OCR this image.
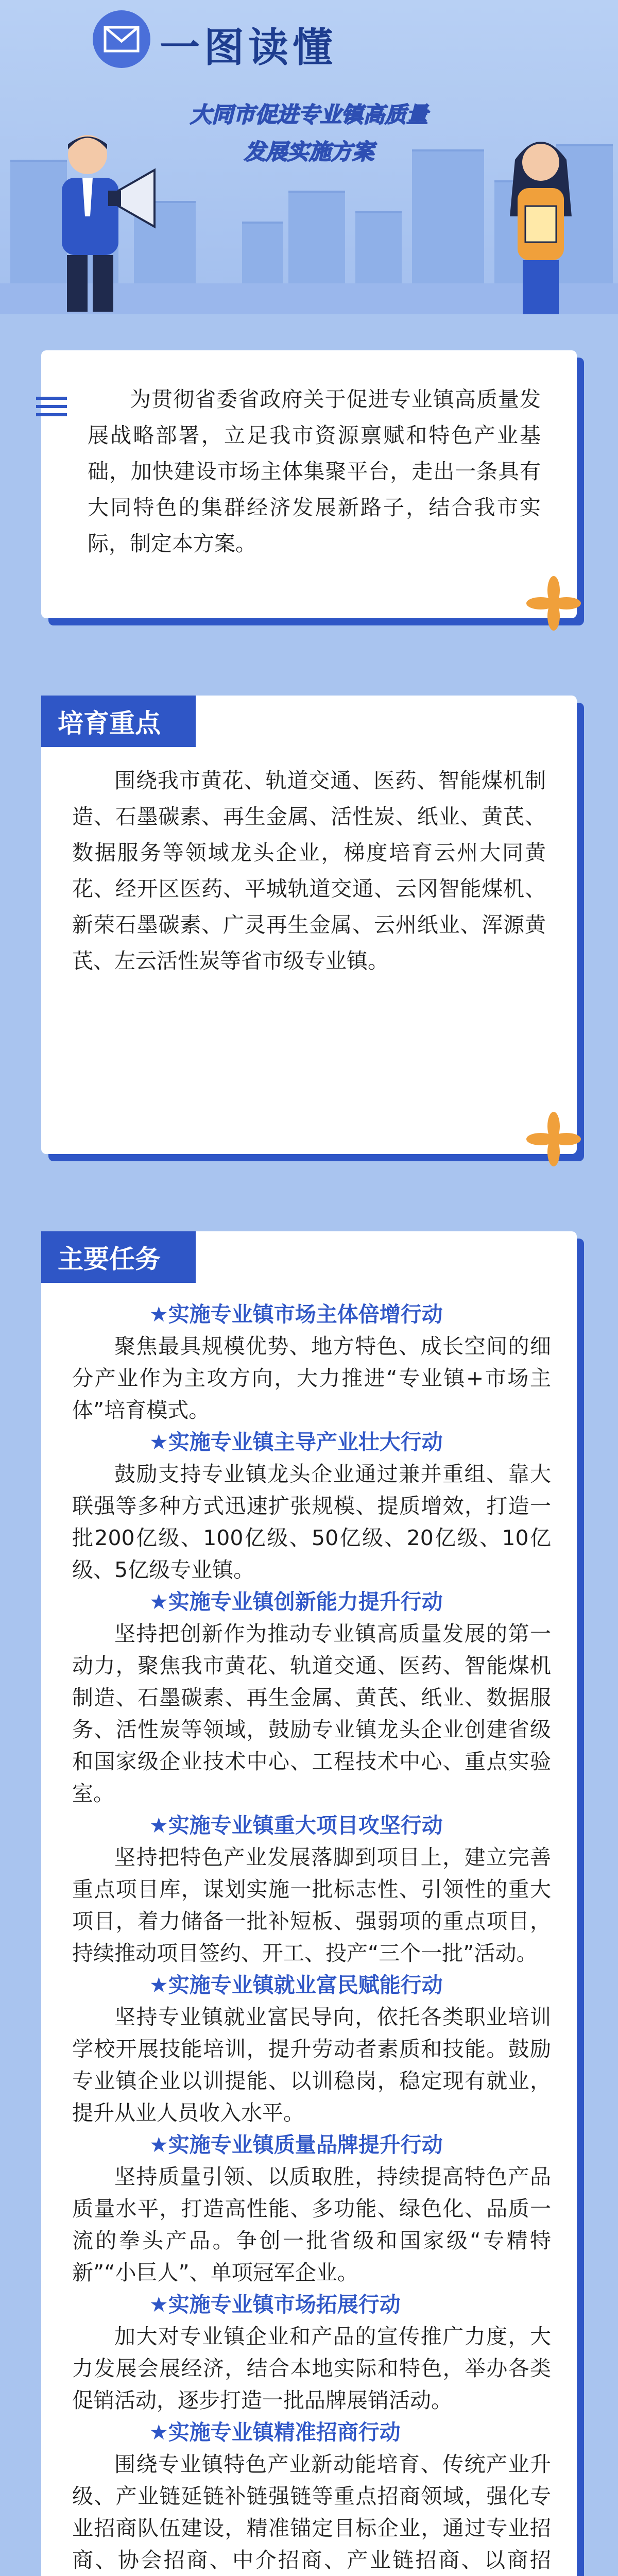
一图读懂
大同市促进专业镇高质量
发展实施方案

为贯彻省委省政府关于促进专业镇高质量发展战略部署，立足我市资源禀赋和特色产业基础，加快建设市场主体集聚平台，走出一条具有大同特色的集群经济发展新路子，结合我市实际，制定本方案。

培育重点

围绕我市黄花、轨道交通、医药、智能煤机制造、石墨碳素、再生金属、活性炭、纸业、黄芪、数据服务等领域龙头企业，梯度培育云州大同黄花、经开区医药、平城轨道交通、云冈智能煤机、新荣石墨碳素、广灵再生金属、云州纸业、浑源黄芪、左云活性炭等省市级专业镇。

主要任务
★实施专业镇市场主体倍增行动

聚焦最具规模优势、地方特色、成长空间的细分产业作为主攻方向，大力推进“专业镇+市场主体”培育模式。

★实施专业镇主导产业壮大行动

鼓励支持专业镇龙头企业通过兼并重组、靠大联强等多种方式迅速扩张规模、提质增效，打造一批200亿级、100亿级、50亿级、20亿级、10亿级、5亿级专业镇。

★实施专业镇创新能力提升行动

坚持把创新作为推动专业镇高质量发展的第一动力，聚焦我市黄花、轨道交通、医药、智能煤机制造、石墨碳素、再生金属、黄芪、纸业、数据服务、活性炭等领域，鼓励专业镇龙头企业创建省级和国家级企业技术中心、工程技术中心、重点实验室。

★实施专业镇重大项目攻坚行动

坚持把特色产业发展落脚到项目上，建立完善重点项目库，谋划实施一批标志性、引领性的重大项目，着力储备一批补短板、强弱项的重点项目，持续推动项目签约、开工、投产“三个一批”活动。

★实施专业镇就业富民赋能行动

坚持专业镇就业富民导向，依托各类职业培训学校开展技能培训，提升劳动者素质和技能。鼓励专业镇企业以训提能、以训稳岗，稳定现有就业，提升从业人员收入水平。

★实施专业镇质量品牌提升行动

坚持质量引领、以质取胜，持续提高特色产品质量水平，打造高性能、多功能、绿色化、品质一流的拳头产品。争创一批省级和国家级“专精特新”“小巨人”、单项冠军企业。

★实施专业镇市场拓展行动

加大对专业镇企业和产品的宣传推广力度，大力发展会展经济，结合本地实际和特色，举办各类促销活动，逐步打造一批品牌展销活动。

★实施专业镇精准招商行动

围绕专业镇特色产业新动能培育、传统产业升级、产业链延链补链强链等重点招商领域，强化专业招商队伍建设，精准锚定目标企业，通过专业招商、协会招商、中介招商、产业链招商、以商招
